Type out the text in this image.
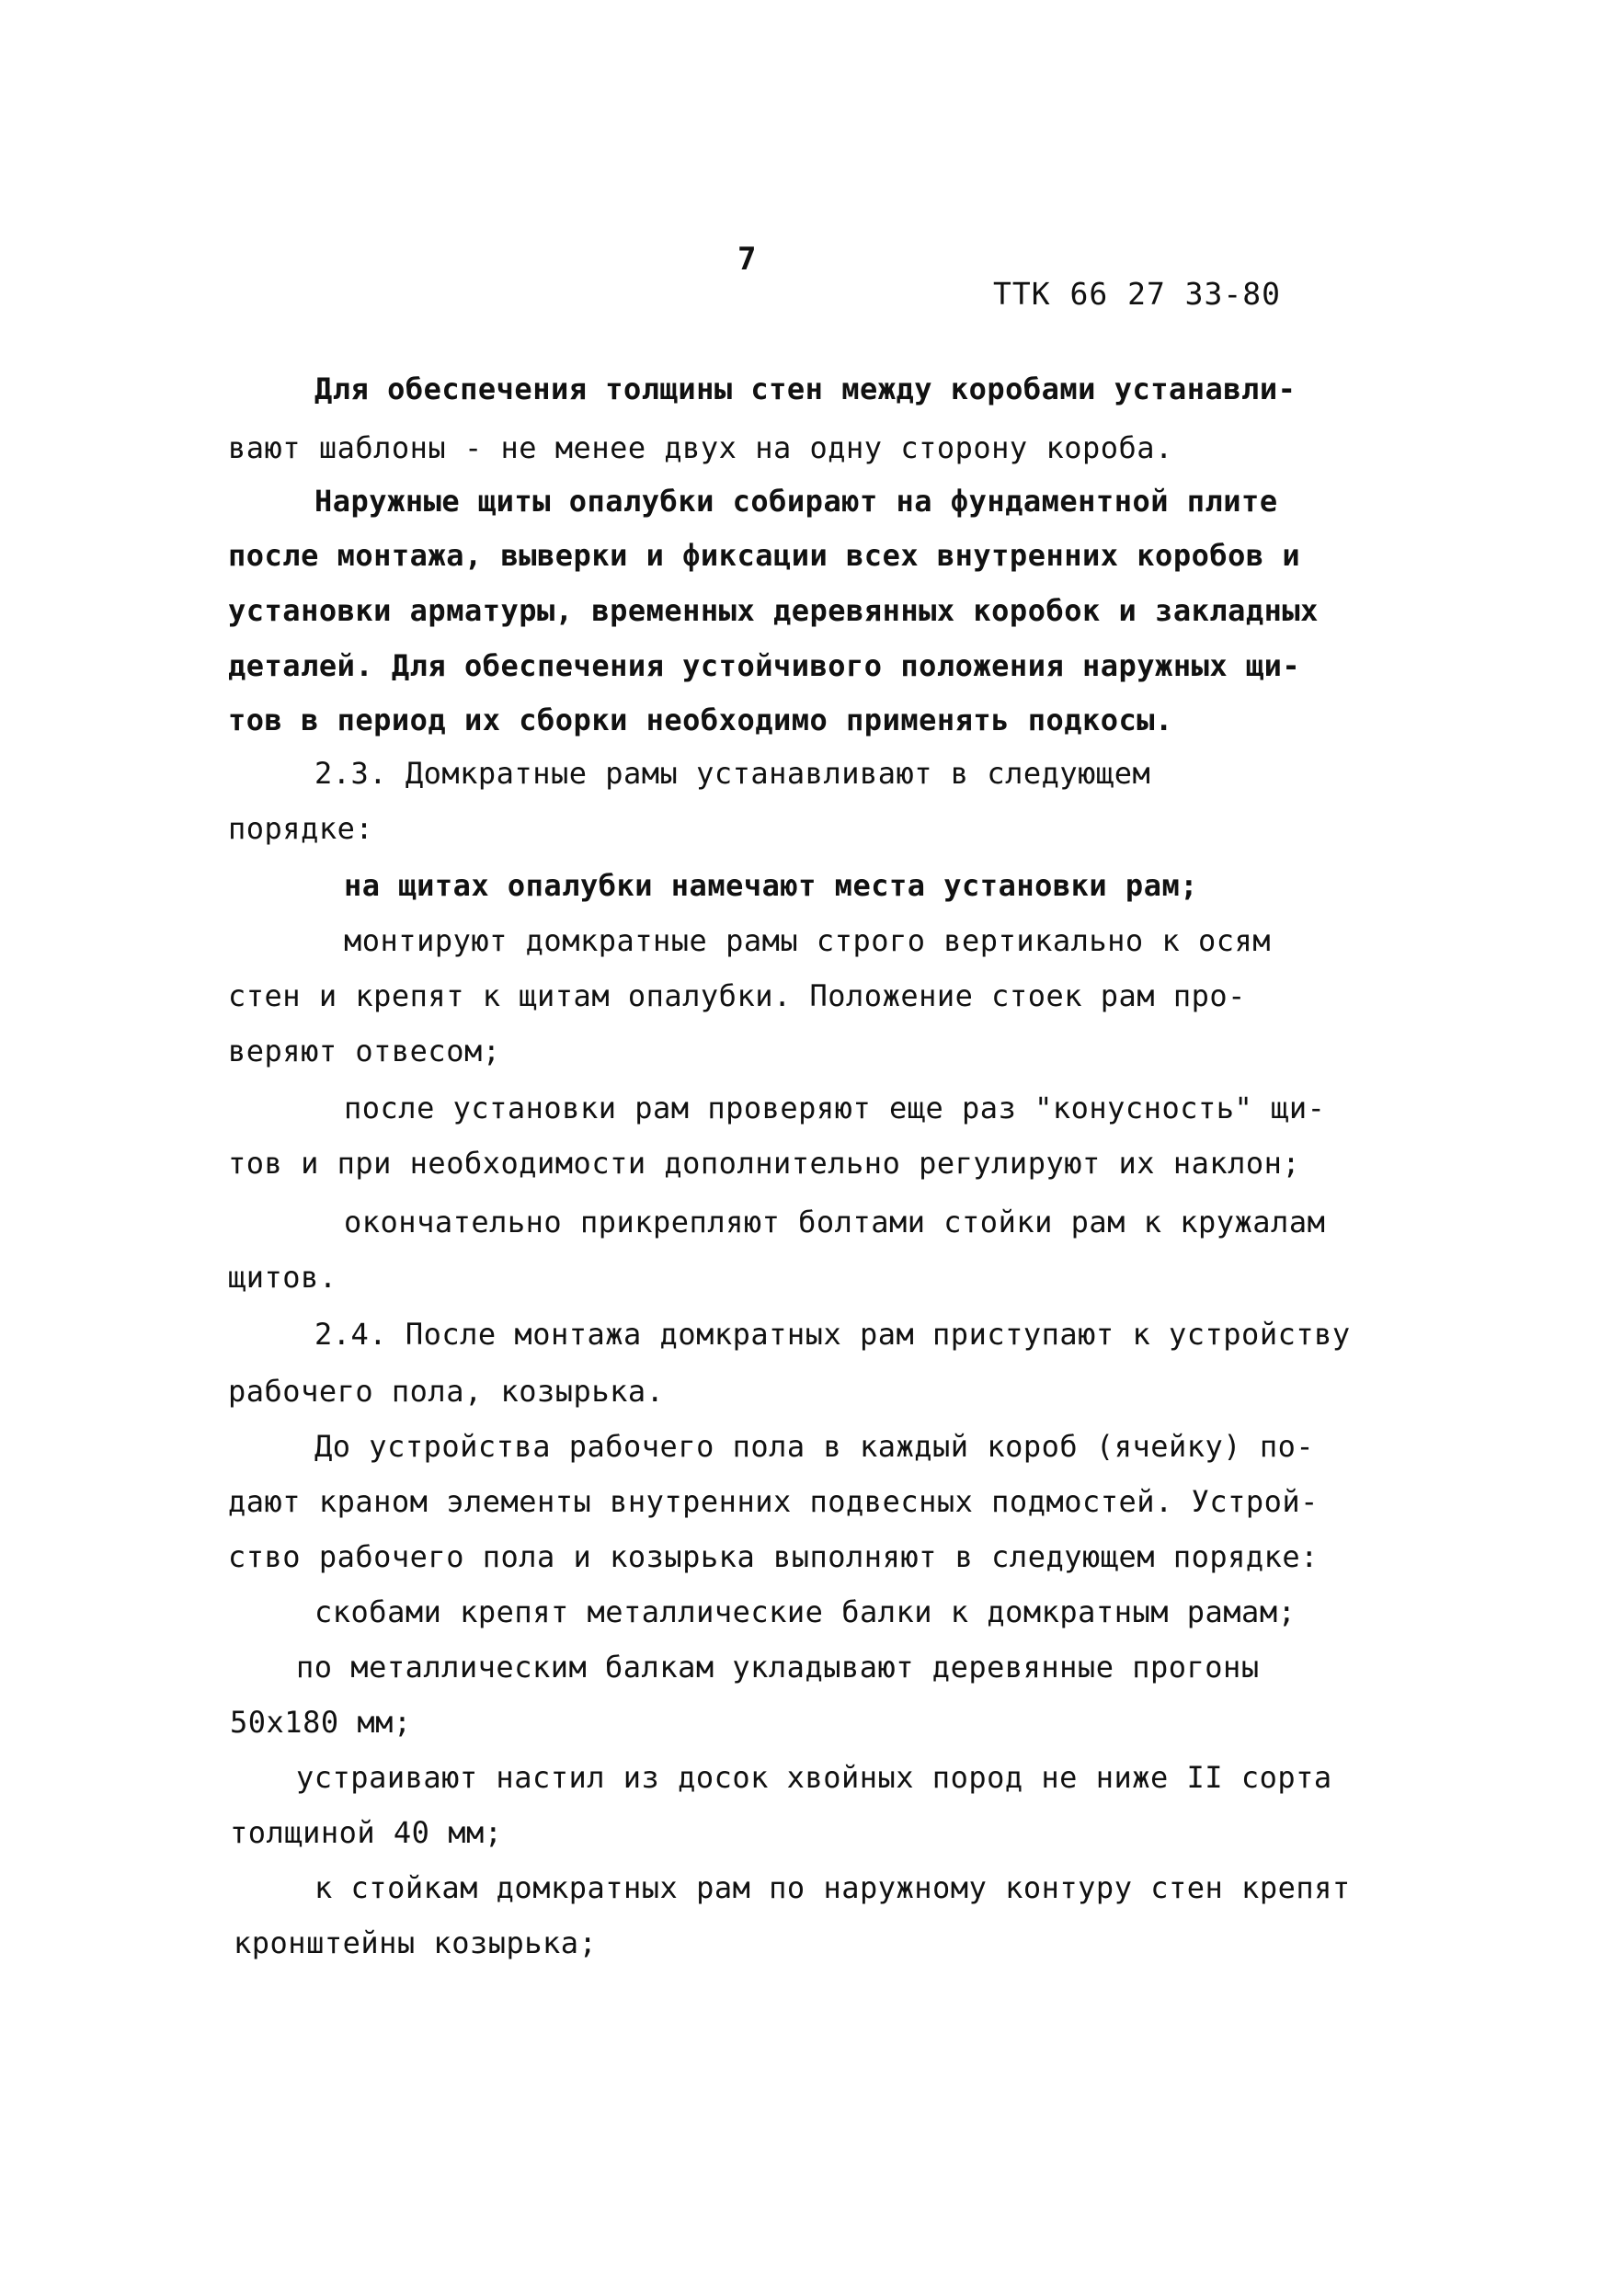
7
ТТК 66 27 33-80
Для обеспечения толщины стен между коробами устанавли-
вают шаблоны - не менее двух на одну сторону короба.
Наружные щиты опалубки собирают на фундаментной плите
после монтажа, выверки и фиксации всех внутренних коробов и
установки арматуры, временных деревянных коробок и закладных
деталей. Для обеспечения устойчивого положения наружных щи-
тов в период их сборки необходимо применять подкосы.
2.3. Домкратные рамы устанавливают в следующем
порядке:
на щитах опалубки намечают места установки рам;
монтируют домкратные рамы строго вертикально к осям
стен и крепят к щитам опалубки. Положение стоек рам про-
веряют отвесом;
после установки рам проверяют еще раз "конусность" щи-
тов и при необходимости дополнительно регулируют их наклон;
окончательно прикрепляют болтами стойки рам к кружалам
щитов.
2.4. После монтажа домкратных рам приступают к устройству
рабочего пола, козырька.
До устройства рабочего пола в каждый короб (ячейку) по-
дают краном элементы внутренних подвесных подмостей. Устрой-
ство рабочего пола и козырька выполняют в следующем порядке:
скобами крепят металлические балки к домкратным рамам;
по металлическим балкам укладывают деревянные прогоны
50х180 мм;
устраивают настил из досок хвойных пород не ниже II сорта
толщиной 40 мм;
к стойкам домкратных рам по наружному контуру стен крепят
кронштейны козырька;
